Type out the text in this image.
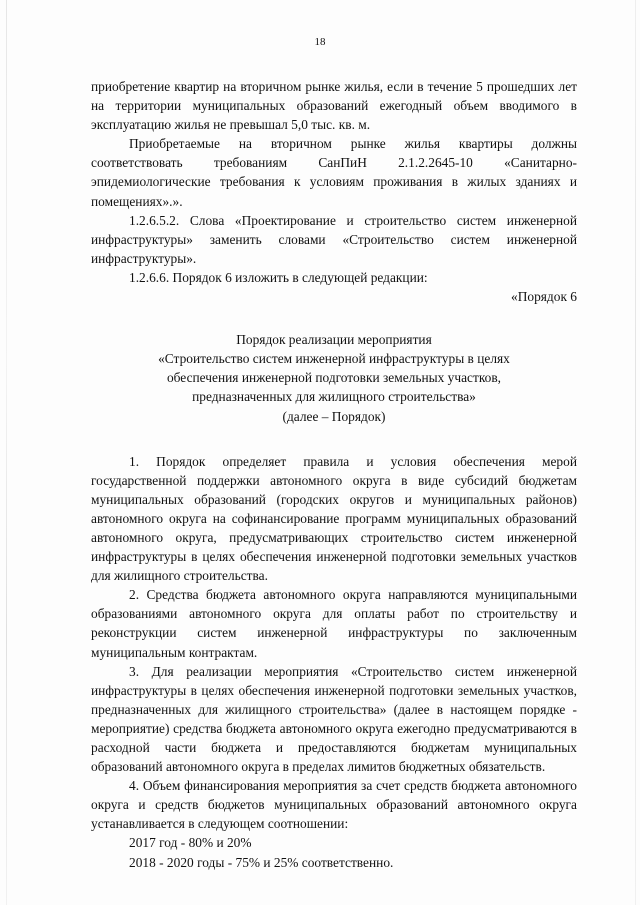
18

приобретение квартир на вторичном рынке жилья, если в течение 5 прошедших лет на территории муниципальных образований ежегодный объем вводимого в эксплуатацию жилья не превышал 5,0 тыс. кв. м.

Приобретаемые на вторичном рынке жилья квартиры должны соответствовать требованиям СанПиН 2.1.2.2645-10 «Санитарно-эпидемиологические требования к условиям проживания в жилых зданиях и помещениях».».

1.2.6.5.2. Слова «Проектирование и строительство систем инженерной инфраструктуры» заменить словами «Строительство систем инженерной инфраструктуры».

1.2.6.6. Порядок 6 изложить в следующей редакции:

«Порядок 6

Порядок реализации мероприятия
«Строительство систем инженерной инфраструктуры в целях
обеспечения инженерной подготовки земельных участков,
предназначенных для жилищного строительства»
(далее – Порядок)

1. Порядок определяет правила и условия обеспечения мерой государственной поддержки автономного округа в виде субсидий бюджетам муниципальных образований (городских округов и муниципальных районов) автономного округа на софинансирование программ муниципальных образований автономного округа, предусматривающих строительство систем инженерной инфраструктуры в целях обеспечения инженерной подготовки земельных участков для жилищного строительства.

2. Средства бюджета автономного округа направляются муниципальными образованиями автономного округа для оплаты работ по строительству и реконструкции систем инженерной инфраструктуры по заключенным муниципальным контрактам.

3. Для реализации мероприятия «Строительство систем инженерной инфраструктуры в целях обеспечения инженерной подготовки земельных участков, предназначенных для жилищного строительства» (далее в настоящем порядке - мероприятие) средства бюджета автономного округа ежегодно предусматриваются в расходной части бюджета и предоставляются бюджетам муниципальных образований автономного округа в пределах лимитов бюджетных обязательств.

4. Объем финансирования мероприятия за счет средств бюджета автономного округа и средств бюджетов муниципальных образований автономного округа устанавливается в следующем соотношении:

2017 год - 80% и 20%

2018 - 2020 годы - 75% и 25% соответственно.
